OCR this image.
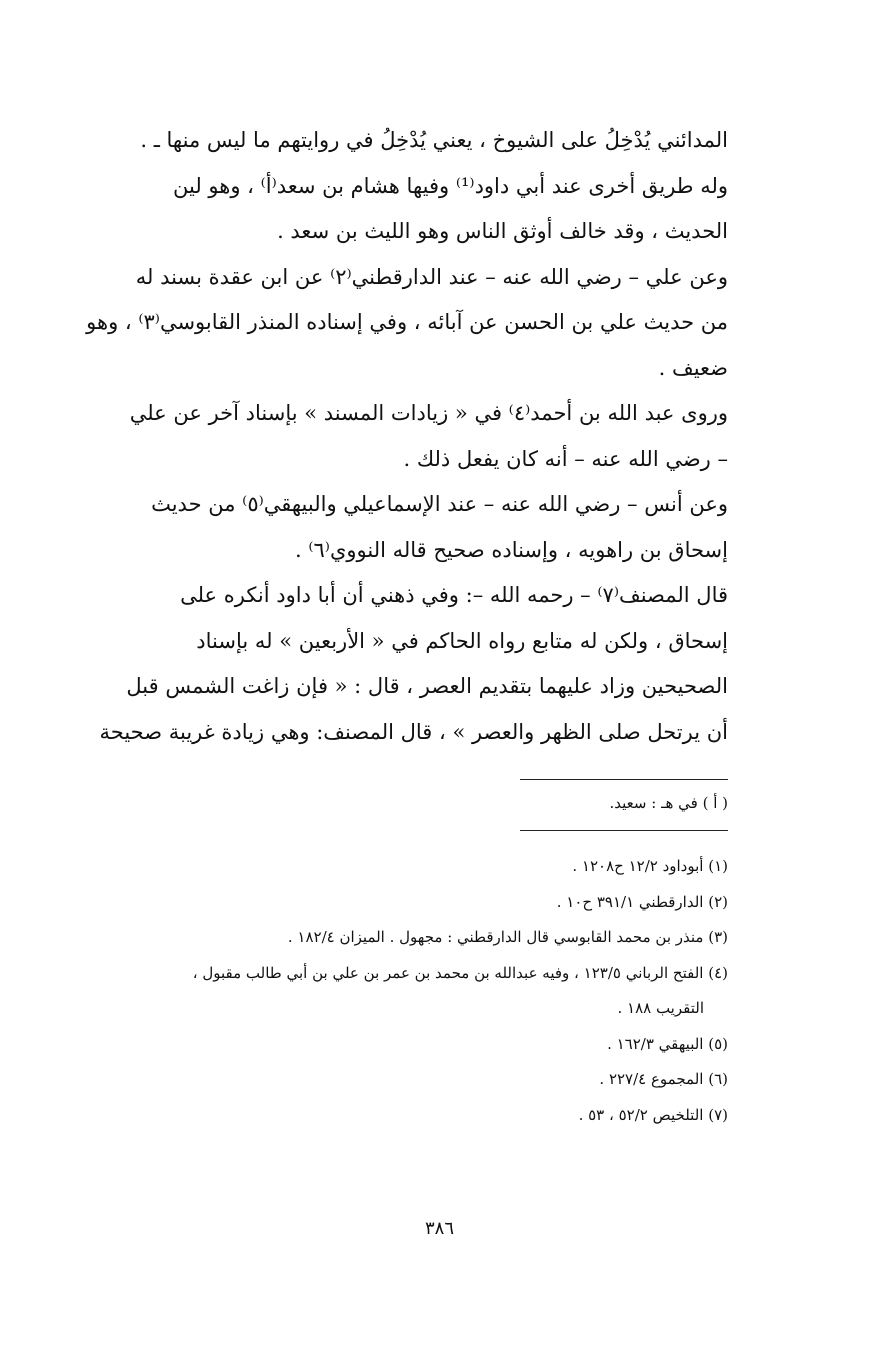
المدائني يُدْخِلُ على الشيوخ ، يعني يُدْخِلُ في روايتهم ما ليس منها ـ .

وله طريق أخرى عند أبي داود⁽¹⁾ وفيها هشام بن سعد⁽أ⁾ ، وهو لين

الحديث ، وقد خالف أوثق الناس وهو الليث بن سعد .

وعن علي – رضي الله عنه – عند الدارقطني⁽٢⁾ عن ابن عقدة بسند له

من حديث علي بن الحسن عن آبائه ، وفي إسناده المنذر القابوسي⁽٣⁾ ، وهو

ضعيف .

وروى عبد الله بن أحمد⁽٤⁾ في « زيادات المسند » بإسناد آخر عن علي

– رضي الله عنه – أنه كان يفعل ذلك .

وعن أنس – رضي الله عنه – عند الإسماعيلي والبيهقي⁽٥⁾ من حديث

إسحاق بن راهويه ، وإسناده صحيح قاله النووي⁽٦⁾ .

قال المصنف⁽٧⁾ – رحمه الله –: وفي ذهني أن أبا داود أنكره على

إسحاق ، ولكن له متابع رواه الحاكم في « الأربعين » له بإسناد

الصحيحين وزاد عليهما بتقديم العصر ، قال : « فإن زاغت الشمس قبل

أن يرتحل صلى الظهر والعصر » ، قال المصنف: وهي زيادة غريبة صحيحة

( أ ) في هـ : سعيد.

(١) أبوداود ١٢/٢ ح١٢٠٨ .

(٢) الدارقطني ٣٩١/١ ح١٠ .

(٣) منذر بن محمد القابوسي قال الدارقطني : مجهول . الميزان ١٨٢/٤ .

(٤) الفتح الرباني ١٢٣/٥ ، وفيه عبدالله بن محمد بن عمر بن علي بن أبي طالب مقبول ،

التقريب ١٨٨ .

(٥) البيهقي ١٦٢/٣ .

(٦) المجموع ٢٢٧/٤ .

(٧) التلخيص ٥٢/٢ ، ٥٣ .

٣٨٦
